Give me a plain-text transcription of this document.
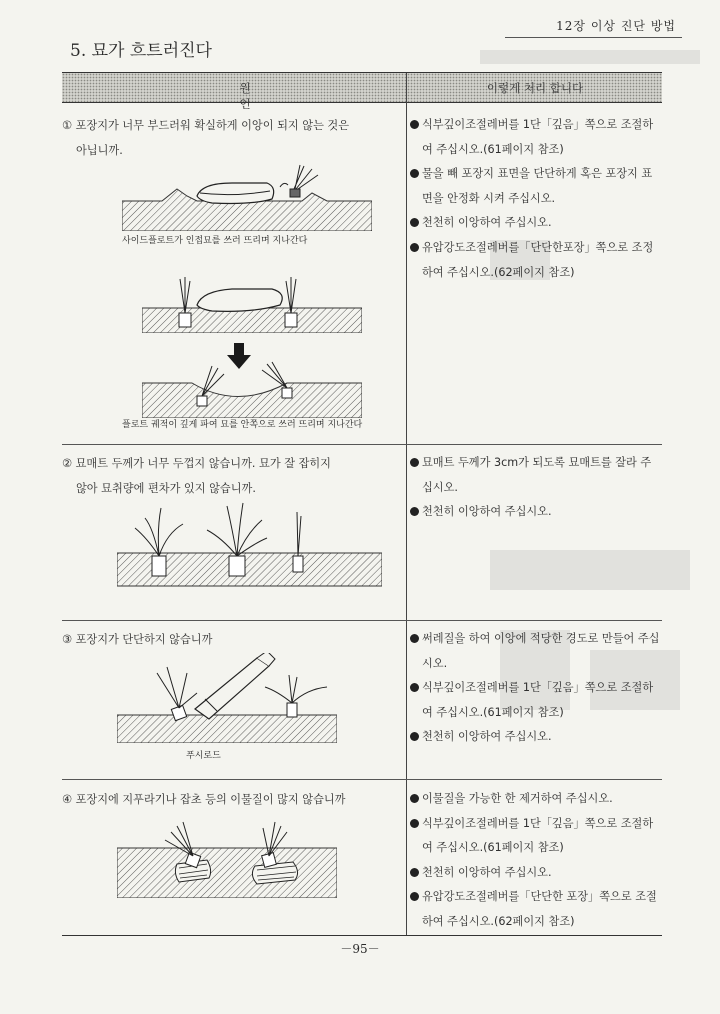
12장 이상 진단 방법
5. 묘가 흐트러진다
원 인
이렇게 처리 합니다
① 포장지가 너무 부드러워 확실하게 이앙이 되지 않는 것은
아닙니까.
사이드플로트가 인접묘를 쓰러 뜨리며 지나간다
플로트 궤적이 깊게 파여 묘를 안쪽으로 쓰러 뜨리며 지나간다
식부깊이조절레버를 1단「깊음」쪽으로 조절하여 주십시오.(61페이지 참조)
물을 빼 포장지 표면을 단단하게 혹은 포장지 표면을 안정화 시켜 주십시오.
천천히 이앙하여 주십시오.
유압강도조절레버를「단단한포장」쪽으로 조정하여 주십시오.(62페이지 참조)
② 묘매트 두께가 너무 두껍지 않습니까. 묘가 잘 잡히지
않아 묘취량에 편차가 있지 않습니까.
묘매트 두께가 3cm가 되도록 묘매트를 잘라 주십시오.
천천히 이앙하여 주십시오.
③ 포장지가 단단하지 않습니까
푸시로드
써레질을 하여 이앙에 적당한 경도로 만들어 주십시오.
식부깊이조절레버를 1단「깊음」쪽으로 조절하여 주십시오.(61페이지 참조)
천천히 이앙하여 주십시오.
④ 포장지에 지푸라기나 잡초 등의 이물질이 많지 않습니까	이물질을 가능한 한 제거하여 주십시오.
식부깊이조절레버를 1단「깊음」쪽으로 조절하여 주십시오.(61페이지 참조)
천천히 이앙하여 주십시오.
유압강도조절레버를「단단한 포장」쪽으로 조절하여 주십시오.(62페이지 참조)
－95－
